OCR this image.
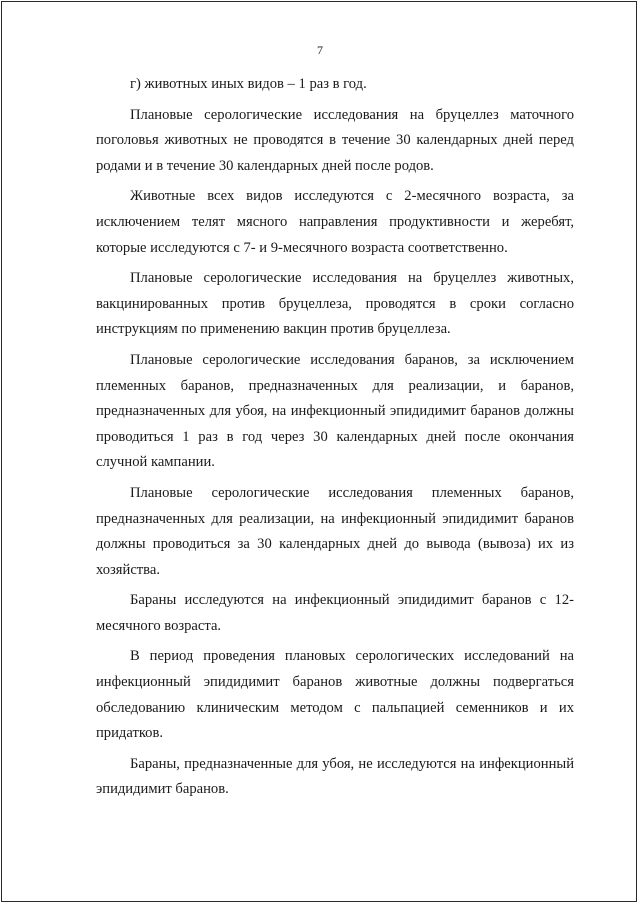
7

г) животных иных видов – 1 раз в год.

Плановые серологические исследования на бруцеллез маточного поголовья животных не проводятся в течение 30 календарных дней перед родами и в течение 30 календарных дней после родов.

Животные всех видов исследуются с 2-месячного возраста, за исключением телят мясного направления продуктивности и жеребят, которые исследуются с 7- и 9-месячного возраста соответственно.

Плановые серологические исследования на бруцеллез животных, вакцинированных против бруцеллеза, проводятся в сроки согласно инструкциям по применению вакцин против бруцеллеза.

Плановые серологические исследования баранов, за исключением племенных баранов, предназначенных для реализации, и баранов, предназначенных для убоя, на инфекционный эпидидимит баранов должны проводиться 1 раз в год через 30 календарных дней после окончания случной кампании.

Плановые серологические исследования племенных баранов, предназначенных для реализации, на инфекционный эпидидимит баранов должны проводиться за 30 календарных дней до вывода (вывоза) их из хозяйства.

Бараны исследуются на инфекционный эпидидимит баранов с 12-месячного возраста.

В период проведения плановых серологических исследований на инфекционный эпидидимит баранов животные должны подвергаться обследованию клиническим методом с пальпацией семенников и их придатков.

Бараны, предназначенные для убоя, не исследуются на инфекционный эпидидимит баранов.
